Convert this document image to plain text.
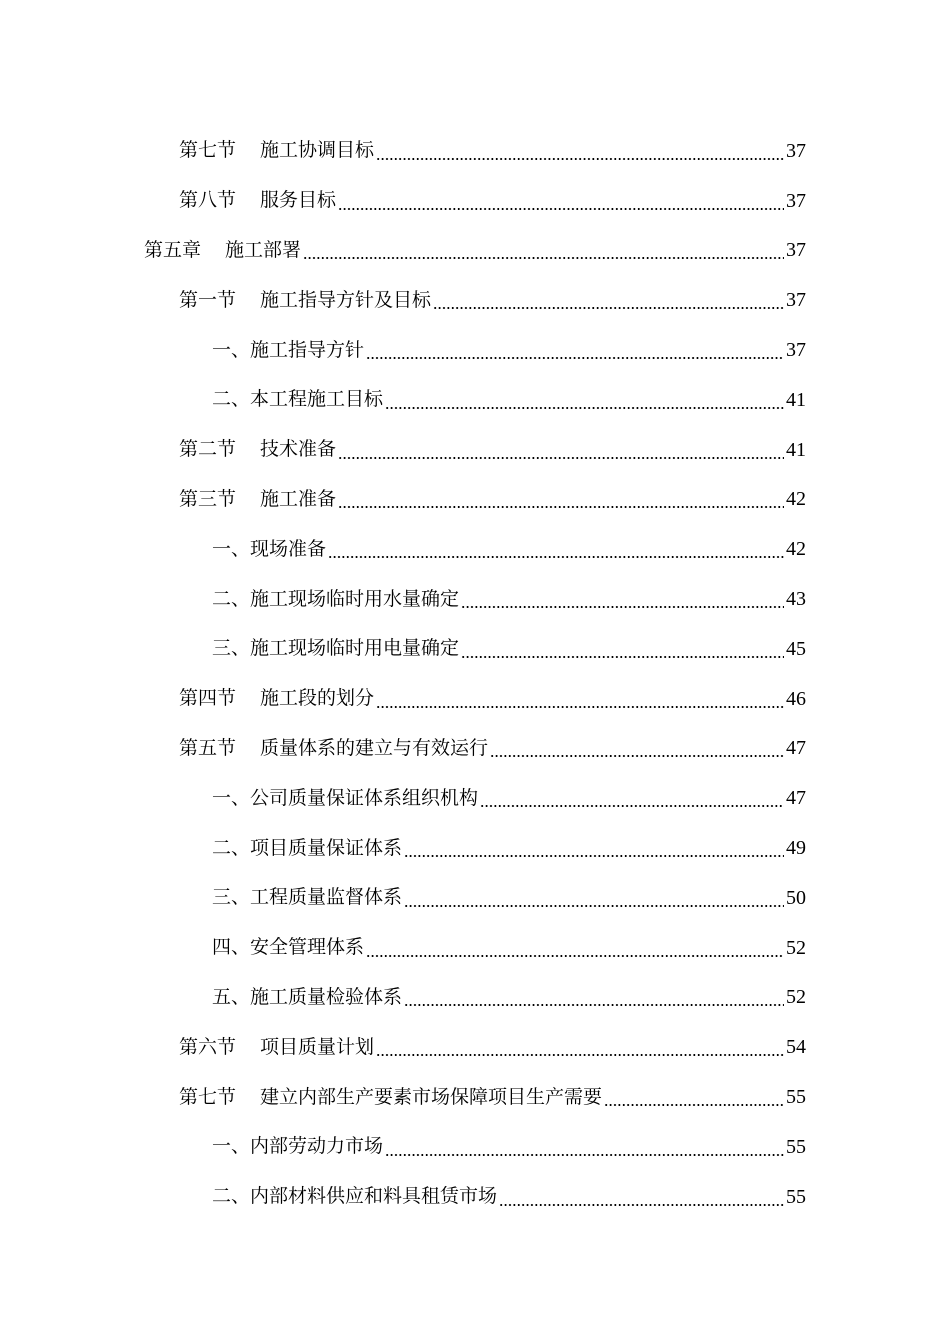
第七节 施工协调目标	37
第八节 服务目标	37
第五章 施工部署	37
第一节 施工指导方针及目标	37
一、施工指导方针	37
二、本工程施工目标	41
第二节 技术准备	41
第三节 施工准备	42
一、现场准备	42
二、施工现场临时用水量确定	43
三、施工现场临时用电量确定	45
第四节 施工段的划分	46
第五节 质量体系的建立与有效运行	47
一、公司质量保证体系组织机构	47
二、项目质量保证体系	49
三、工程质量监督体系	50
四、安全管理体系	52
五、施工质量检验体系	52
第六节 项目质量计划	54
第七节 建立内部生产要素市场保障项目生产需要	55
一、内部劳动力市场	55
二、内部材料供应和料具租赁市场	55
